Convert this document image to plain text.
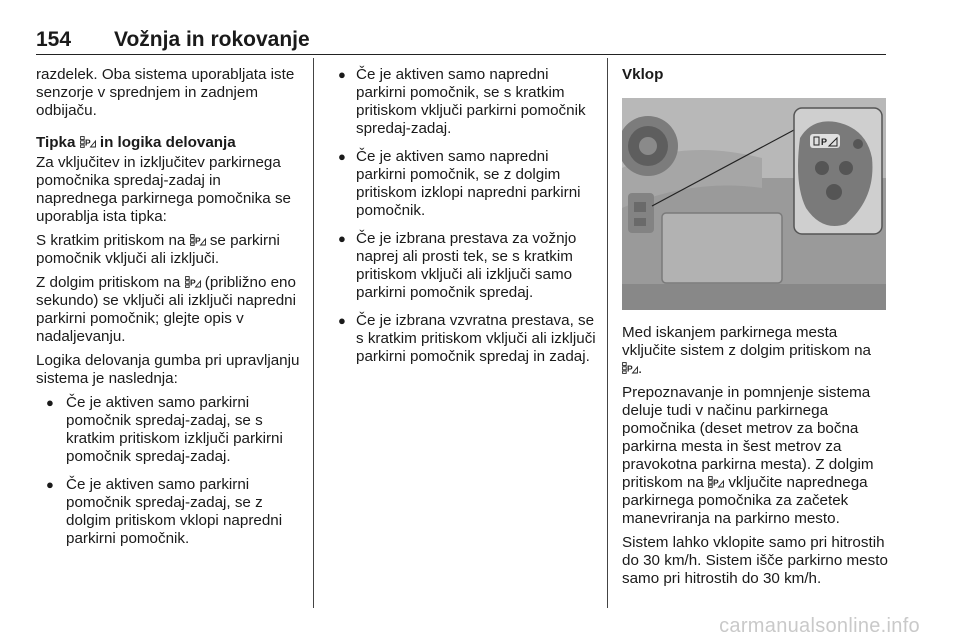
154 Vožnja in rokovanje

razdelek. Oba sistema uporabljata iste senzorje v sprednjem in zadnjem odbijaču.

Tipka  in logika delovanja

Za vključitev in izključitev parkirnega pomočnika spredaj-zadaj in naprednega parkirnega pomočnika se uporablja ista tipka:

S kratkim pritiskom na  se parkirni pomočnik vključi ali izključi.

Z dolgim pritiskom na  (približno eno sekundo) se vključi ali izključi napredni parkirni pomočnik; glejte opis v nadaljevanju.

Logika delovanja gumba pri upravljanju sistema je naslednja:

● Če je aktiven samo parkirni pomočnik spredaj-zadaj, se s kratkim pritiskom izključi parkirni pomočnik spredaj-zadaj.
● Če je aktiven samo parkirni pomočnik spredaj-zadaj, se z dolgim pritiskom vklopi napredni parkirni pomočnik.
● Če je aktiven samo napredni parkirni pomočnik, se s kratkim pritiskom vključi parkirni pomočnik spredaj-zadaj.
● Če je aktiven samo napredni parkirni pomočnik, se z dolgim pritiskom izklopi napredni parkirni pomočnik.
● Če je izbrana prestava za vožnjo naprej ali prosti tek, se s kratkim pritiskom vključi ali izključi samo parkirni pomočnik spredaj.
● Če je izbrana vzvratna prestava, se s kratkim pritiskom vključi ali izključi parkirni pomočnik spredaj in zadaj.
Vklop
P

Med iskanjem parkirnega mesta vključite sistem z dolgim pritiskom na .

Prepoznavanje in pomnjenje sistema deluje tudi v načinu parkirnega pomočnika (deset metrov za bočna parkirna mesta in šest metrov za pravokotna parkirna mesta). Z dolgim pritiskom na  vključite naprednega parkirnega pomočnika za začetek manevriranja na parkirno mesto.

Sistem lahko vklopite samo pri hitrostih do 30 km/h. Sistem išče parkirno mesto samo pri hitrostih do 30 km/h.

carmanualsonline.info
